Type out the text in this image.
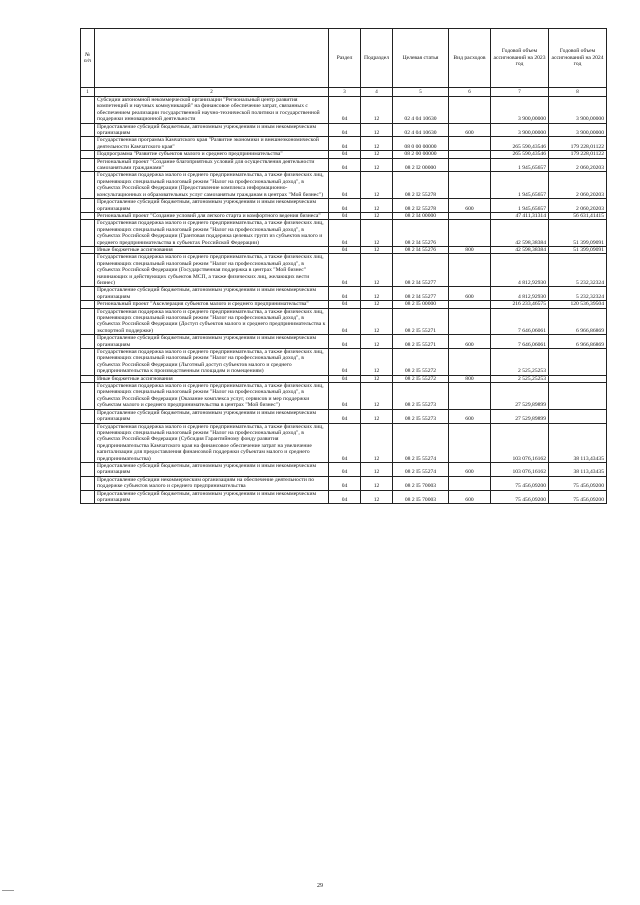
№ п/п		Раздел	Подраздел	Целевая статья	Вид расходов	Годовой объем ассигнований на 2023 год	Годовой объем ассигнований на 2024 год
1	2	3	4	5	6	7	8
	Субсидии автономной некоммерческой организации "Региональный центр развития компетенций и научных коммуникаций" на финансовое обеспечение затрат, связанных с обеспечением реализации государственной научно-технической политики и государственной поддержки инновационной деятельности	04	12	02 4 04 10630		3 900,00000	3 900,00000
	Предоставление субсидий бюджетным, автономным учреждениям и иным некоммерческим организациям	04	12	02 4 04 10630	600	3 900,00000	3 900,00000
	Государственная программа Камчатского края "Развитие экономики и внешнеэкономической деятельности Камчатского края"	04	12	08 0 00 00000		265 590,43546	179 228,01122
	Подпрограмма "Развитие субъектов малого и среднего предпринимательства"	04	12	08 2 00 00000		265 590,43546	179 228,01122
	Региональный проект "Создание благоприятных условий для осуществления деятельности самозанятыми гражданами"	04	12	08 2 I2 00000		1 945,65657	2 060,20203
	Государственная поддержка малого и среднего предпринимательства, а также физических лиц, применяющих специальный налоговый режим "Налог на профессиональный доход", в субъектах Российской Федерации (Предоставление комплекса информационно-консультационных и образовательных услуг самозанятым гражданам в центрах "Мой бизнес")	04	12	08 2 I2 55278		1 945,65657	2 060,20203
	Предоставление субсидий бюджетным, автономным учреждениям и иным некоммерческим организациям	04	12	08 2 I2 55278	600	1 945,65657	2 060,20203
	Региональный проект "Создание условий для легкого старта и комфортного ведения бизнеса"	04	12	08 2 I4 00000		47 411,31314	56 631,41415
	Государственная поддержка малого и среднего предпринимательства, а также физических лиц, применяющих специальный налоговый режим "Налог на профессиональный доход", в субъектах Российской Федерации (Грантовая поддержка целевых групп из субъектов малого и среднего предпринимательства в субъектах Российской Федерации)	04	12	08 2 I4 55276		42 598,38384	51 399,09091
	Иные бюджетные ассигнования	04	12	08 2 I4 55276	800	42 598,38384	51 399,09091
	Государственная поддержка малого и среднего предпринимательства, а также физических лиц, применяющих специальный налоговый режим "Налог на профессиональный доход", в субъектах Российской Федерации (Государственная поддержка в центрах "Мой бизнес" начинающих и действующих субъектов МСП, а также физических лиц, желающих вести бизнес)	04	12	08 2 I4 55277		4 812,92930	5 232,32324
	Предоставление субсидий бюджетным, автономным учреждениям и иным некоммерческим организациям	04	12	08 2 I4 55277	600	4 812,92930	5 232,32324
	Региональный проект "Акселерация субъектов малого и среднего предпринимательства"	04	12	08 2 I5 00000		216 233,46575	120 536,39504
	Государственная поддержка малого и среднего предпринимательства, а также физических лиц, применяющих специальный налоговый режим "Налог на профессиональный доход", в субъектах Российской Федерации (Доступ субъектов малого и среднего предпринимательства к экспортной поддержке)	04	12	08 2 I5 55271		7 646,06061	6 966,86869
	Предоставление субсидий бюджетным, автономным учреждениям и иным некоммерческим организациям	04	12	08 2 I5 55271	600	7 646,06061	6 966,86869
	Государственная поддержка малого и среднего предпринимательства, а также физических лиц, применяющих специальный налоговый режим "Налог на профессиональный доход", в субъектах Российской Федерации (Льготный доступ субъектов малого и среднего предпринимательства к производственным площадям и помещениям)	04	12	08 2 I5 55272		2 525,25253	
	Иные бюджетные ассигнования	04	12	08 2 I5 55272	800	2 525,25253	
	Государственная поддержка малого и среднего предпринимательства, а также физических лиц, применяющих специальный налоговый режим "Налог на профессиональный доход", в субъектах Российской Федерации (Оказание комплекса услуг, сервисов и мер поддержки субъектам малого и среднего предпринимательства в центрах "Мой бизнес")	04	12	08 2 I5 55273		27 529,89899	
	Предоставление субсидий бюджетным, автономным учреждениям и иным некоммерческим организациям	04	12	08 2 I5 55273	600	27 529,89899	
	Государственная поддержка малого и среднего предпринимательства, а также физических лиц, применяющих специальный налоговый режим "Налог на профессиональный доход", в субъектах Российской Федерации (Субсидия Гарантийному фонду развития предпринимательства Камчатского края на финансовое обеспечение затрат на увеличение капитализации для предоставления финансовой поддержки субъектам малого и среднего предпринимательства)	04	12	08 2 I5 55274		103 076,16162	38 113,43435
	Предоставление субсидий бюджетным, автономным учреждениям и иным некоммерческим организациям	04	12	08 2 I5 55274	600	103 076,16162	38 113,43435
	Предоставление субсидии некоммерческим организациям на обеспечение деятельности по поддержке субъектов малого и среднего предпринимательства	04	12	08 2 I5 70003		75 456,09200	75 456,09200
	Предоставление субсидий бюджетным, автономным учреждениям и иным некоммерческим организациям	04	12	08 2 I5 70003	600	75 456,09200	75 456,09200
29
